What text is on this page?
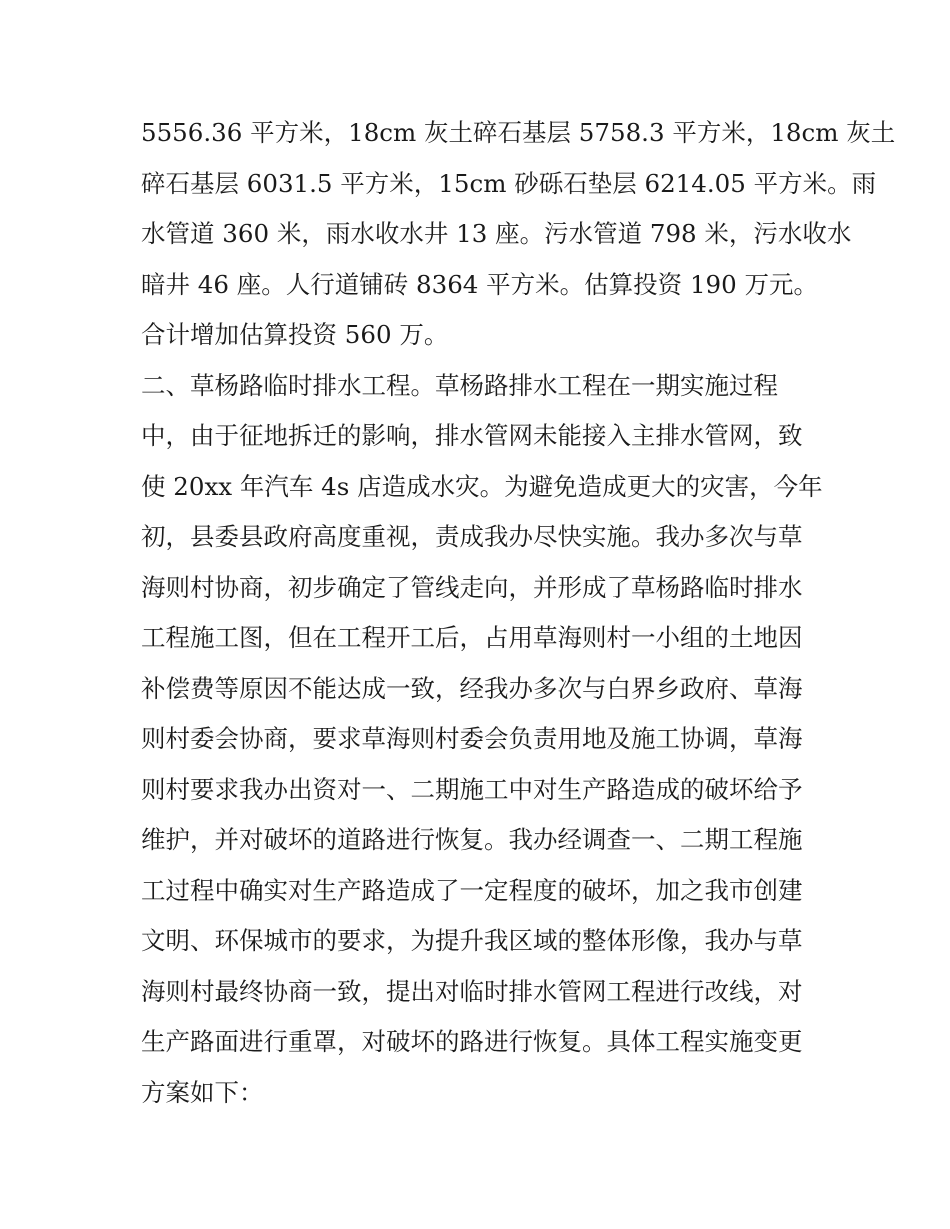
5556.36 平方米，18cm 灰土碎石基层 5758.3 平方米，18cm 灰土
碎石基层 6031.5 平方米，15cm 砂砾石垫层 6214.05 平方米。雨
水管道 360 米，雨水收水井 13 座。污水管道 798 米，污水收水
暗井 46 座。人行道铺砖 8364 平方米。估算投资 190 万元。
合计增加估算投资 560 万。
二、草杨路临时排水工程。草杨路排水工程在一期实施过程
中，由于征地拆迁的影响，排水管网未能接入主排水管网，致
使 20xx 年汽车 4s 店造成水灾。为避免造成更大的灾害，今年
初，县委县政府高度重视，责成我办尽快实施。我办多次与草
海则村协商，初步确定了管线走向，并形成了草杨路临时排水
工程施工图，但在工程开工后，占用草海则村一小组的土地因
补偿费等原因不能达成一致，经我办多次与白界乡政府、草海
则村委会协商，要求草海则村委会负责用地及施工协调，草海
则村要求我办出资对一、二期施工中对生产路造成的破坏给予
维护，并对破坏的道路进行恢复。我办经调查一、二期工程施
工过程中确实对生产路造成了一定程度的破坏，加之我市创建
文明、环保城市的要求，为提升我区域的整体形像，我办与草
海则村最终协商一致，提出对临时排水管网工程进行改线，对
生产路面进行重罩，对破坏的路进行恢复。具体工程实施变更
方案如下：
